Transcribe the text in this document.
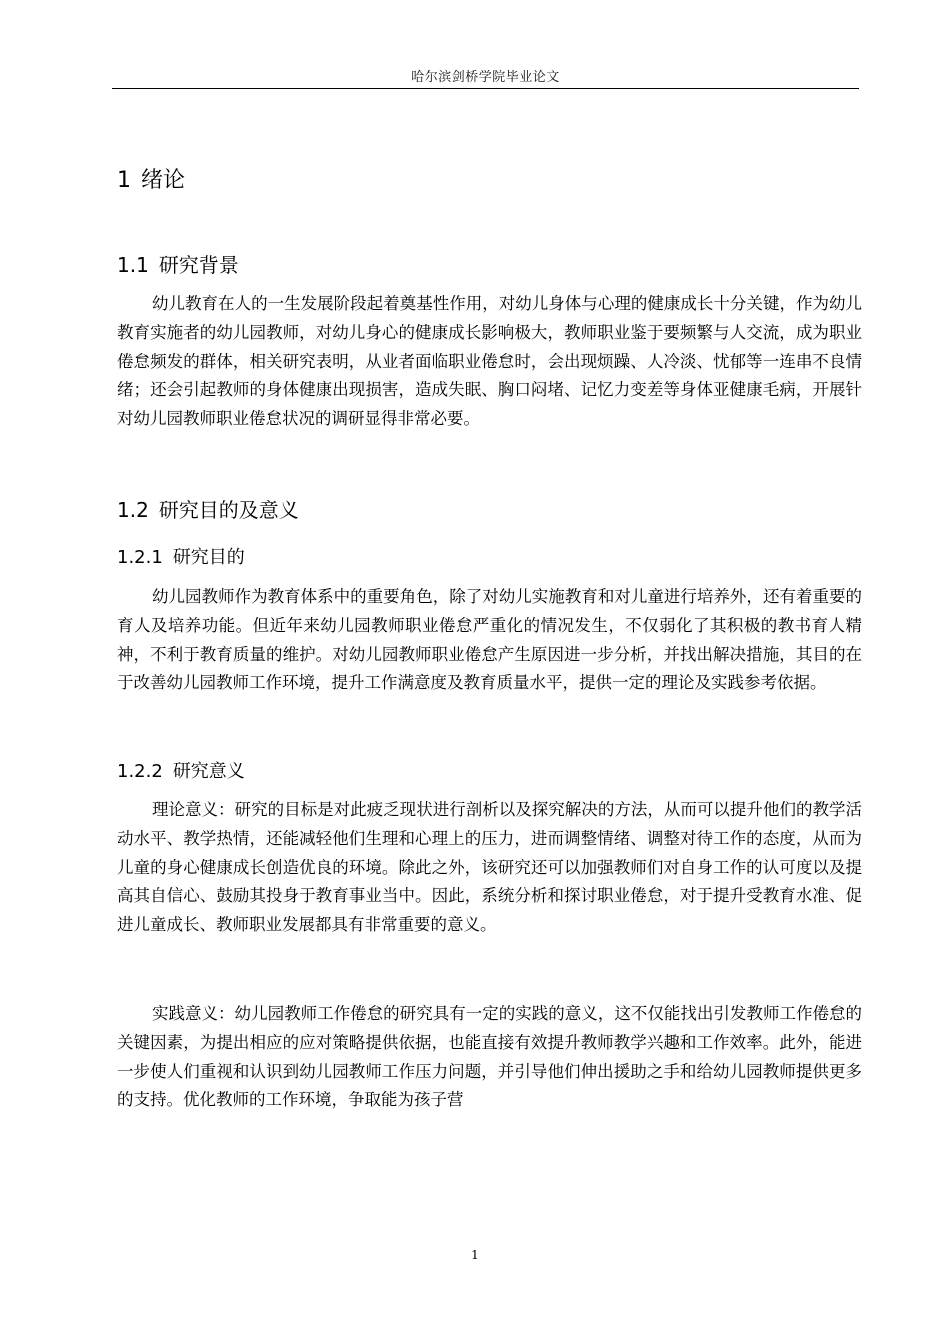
哈尔滨剑桥学院毕业论文
1 绪论
1.1 研究背景

幼儿教育在人的一生发展阶段起着奠基性作用，对幼儿身体与心理的健康成长十分关键，作为幼儿教育实施者的幼儿园教师，对幼儿身心的健康成长影响极大，教师职业鉴于要频繁与人交流，成为职业倦怠频发的群体，相关研究表明，从业者面临职业倦怠时，会出现烦躁、人冷淡、忧郁等一连串不良情绪；还会引起教师的身体健康出现损害，造成失眠、胸口闷堵、记忆力变差等身体亚健康毛病，开展针对幼儿园教师职业倦怠状况的调研显得非常必要。

1.2 研究目的及意义
1.2.1 研究目的

幼儿园教师作为教育体系中的重要角色，除了对幼儿实施教育和对儿童进行培养外，还有着重要的育人及培养功能。但近年来幼儿园教师职业倦怠严重化的情况发生，不仅弱化了其积极的教书育人精神，不利于教育质量的维护。对幼儿园教师职业倦怠产生原因进一步分析，并找出解决措施，其目的在于改善幼儿园教师工作环境，提升工作满意度及教育质量水平，提供一定的理论及实践参考依据。

1.2.2 研究意义

理论意义：研究的目标是对此疲乏现状进行剖析以及探究解决的方法，从而可以提升他们的教学活动水平、教学热情，还能减轻他们生理和心理上的压力，进而调整情绪、调整对待工作的态度，从而为儿童的身心健康成长创造优良的环境。除此之外，该研究还可以加强教师们对自身工作的认可度以及提高其自信心、鼓励其投身于教育事业当中。因此，系统分析和探讨职业倦怠，对于提升受教育水准、促进儿童成长、教师职业发展都具有非常重要的意义。

实践意义：幼儿园教师工作倦怠的研究具有一定的实践的意义，这不仅能找出引发教师工作倦怠的关键因素，为提出相应的应对策略提供依据，也能直接有效提升教师教学兴趣和工作效率。此外，能进一步使人们重视和认识到幼儿园教师工作压力问题，并引导他们伸出援助之手和给幼儿园教师提供更多的支持。优化教师的工作环境，争取能为孩子营

1
